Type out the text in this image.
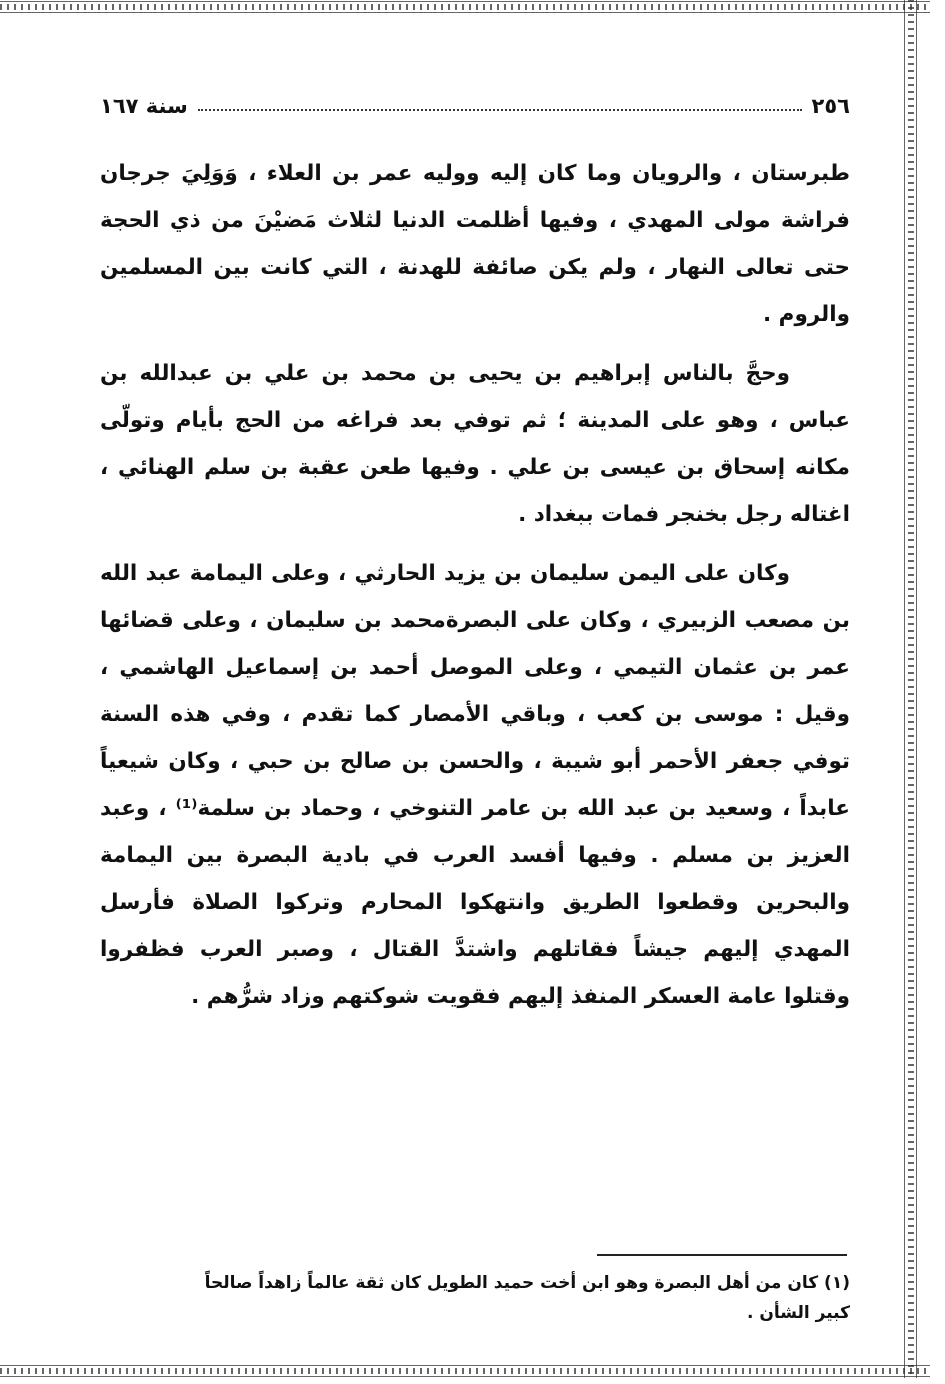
٢٥٦
سنة ١٦٧

طبرستان ، والرويان وما كان إليه ووليه عمر بن العلاء ، وَوَلِيَ جرجان فراشة مولى المهدي ، وفيها أظلمت الدنيا لثلاث مَضيْنَ من ذي الحجة حتى تعالى النهار ، ولم يكن صائفة للهدنة ، التي كانت بين المسلمين والروم .

وحجَّ بالناس إبراهيم بن يحيى بن محمد بن علي بن عبدالله بن عباس ، وهو على المدينة ؛ ثم توفي بعد فراغه من الحج بأيام وتولّى مكانه إسحاق بن عيسى بن علي . وفيها طعن عقبة بن سلم الهنائي ، اغتاله رجل بخنجر فمات ببغداد .

وكان على اليمن سليمان بن يزيد الحارثي ، وعلى اليمامة عبد الله بن مصعب الزبيري ، وكان على البصرةمحمد بن سليمان ، وعلى قضائها عمر بن عثمان التيمي ، وعلى الموصل أحمد بن إسماعيل الهاشمي ، وقيل : موسى بن كعب ، وباقي الأمصار كما تقدم ، وفي هذه السنة توفي جعفر الأحمر أبو شيبة ، والحسن بن صالح بن حبي ، وكان شيعياً عابداً ، وسعيد بن عبد الله بن عامر التنوخي ، وحماد بن سلمة⁽¹⁾ ، وعبد العزيز بن مسلم . وفيها أفسد العرب في بادية البصرة بين اليمامة والبحرين وقطعوا الطريق وانتهكوا المحارم وتركوا الصلاة فأرسل المهدي إليهم جيشاً فقاتلهم واشتدَّ القتال ، وصبر العرب فظفروا وقتلوا عامة العسكر المنفذ إليهم فقويت شوكتهم وزاد شرُّهم .

(١) كان من أهل البصرة وهو ابن أخت حميد الطويل كان ثقة عالماً زاهداً صالحاً كبير الشأن .
